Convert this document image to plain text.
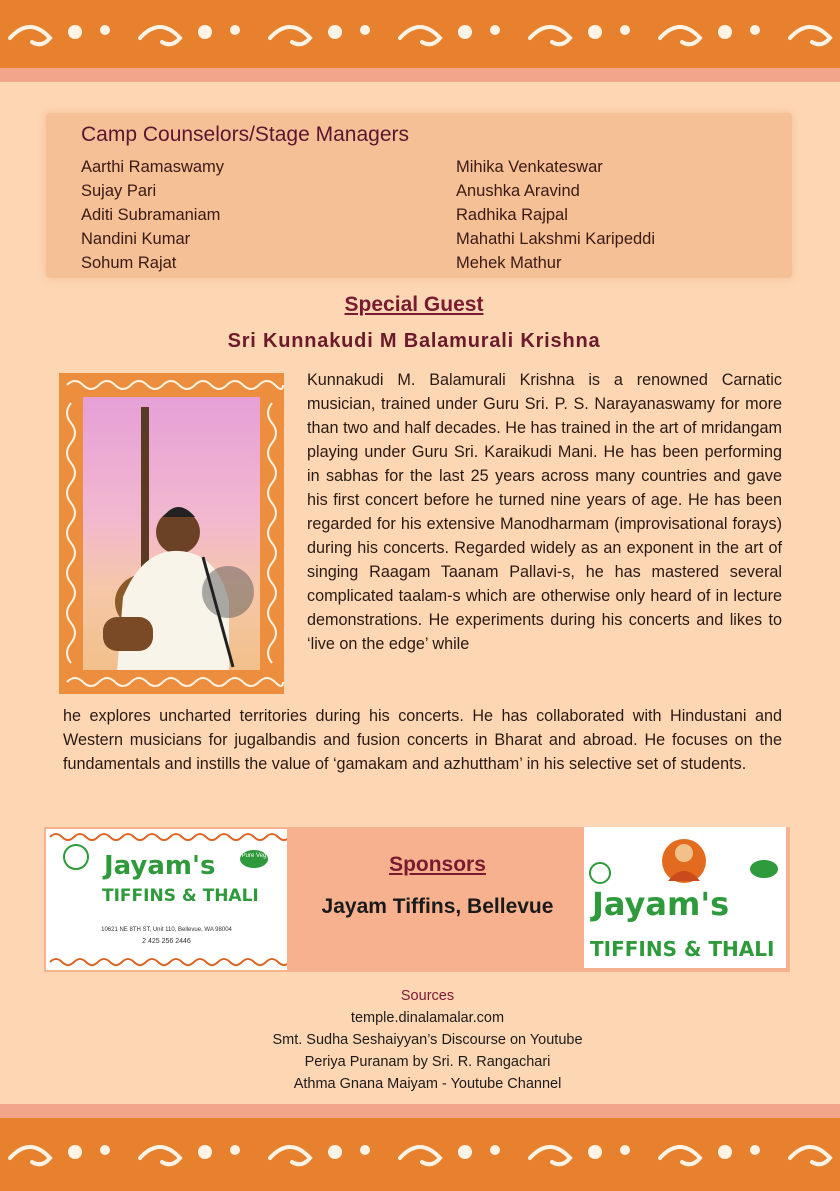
Camp Counselors/Stage Managers
Aarthi Ramaswamy
Sujay Pari
Aditi Subramaniam
Nandini Kumar
Sohum Rajat
Mihika Venkateswar
Anushka Aravind
Radhika Rajpal
Mahathi Lakshmi Karipeddi
Mehek Mathur
Special Guest
Sri Kunnakudi M Balamurali Krishna

Kunnakudi M. Balamurali Krishna is a renowned Carnatic musician, trained under Guru Sri. P. S. Narayanaswamy for more than two and half decades. He has trained in the art of mridangam playing under Guru Sri. Karaikudi Mani. He has been performing in sabhas for the last 25 years across many countries and gave his first concert before he turned nine years of age. He has been regarded for his extensive Manodharmam (improvisational forays) during his concerts. Regarded widely as an exponent in the art of singing Raagam Taanam Pallavi-s, he has mastered several complicated taalam-s which are otherwise only heard of in lecture demonstrations. He experiments during his concerts and likes to ‘live on the edge’ while

he explores uncharted territories during his concerts. He has collaborated with Hindustani and Western musicians for jugalbandis and fusion concerts in Bharat and abroad. He focuses on the fundamentals and instills the value of ‘gamakam and azhuttham’ in his selective set of students.

Jayam's
TIFFINS & THALI
Pure Veg
10621 NE 8TH ST, Unit 110, Bellevue, WA 98004
2 425 256 2446
Sponsors
Jayam Tiffins, Bellevue	Jayam's
TIFFINS & THALI
Sources
temple.dinalamalar.com
Smt. Sudha Seshaiyyan’s Discourse on Youtube
Periya Puranam by Sri. R. Rangachari
Athma Gnana Maiyam - Youtube Channel
